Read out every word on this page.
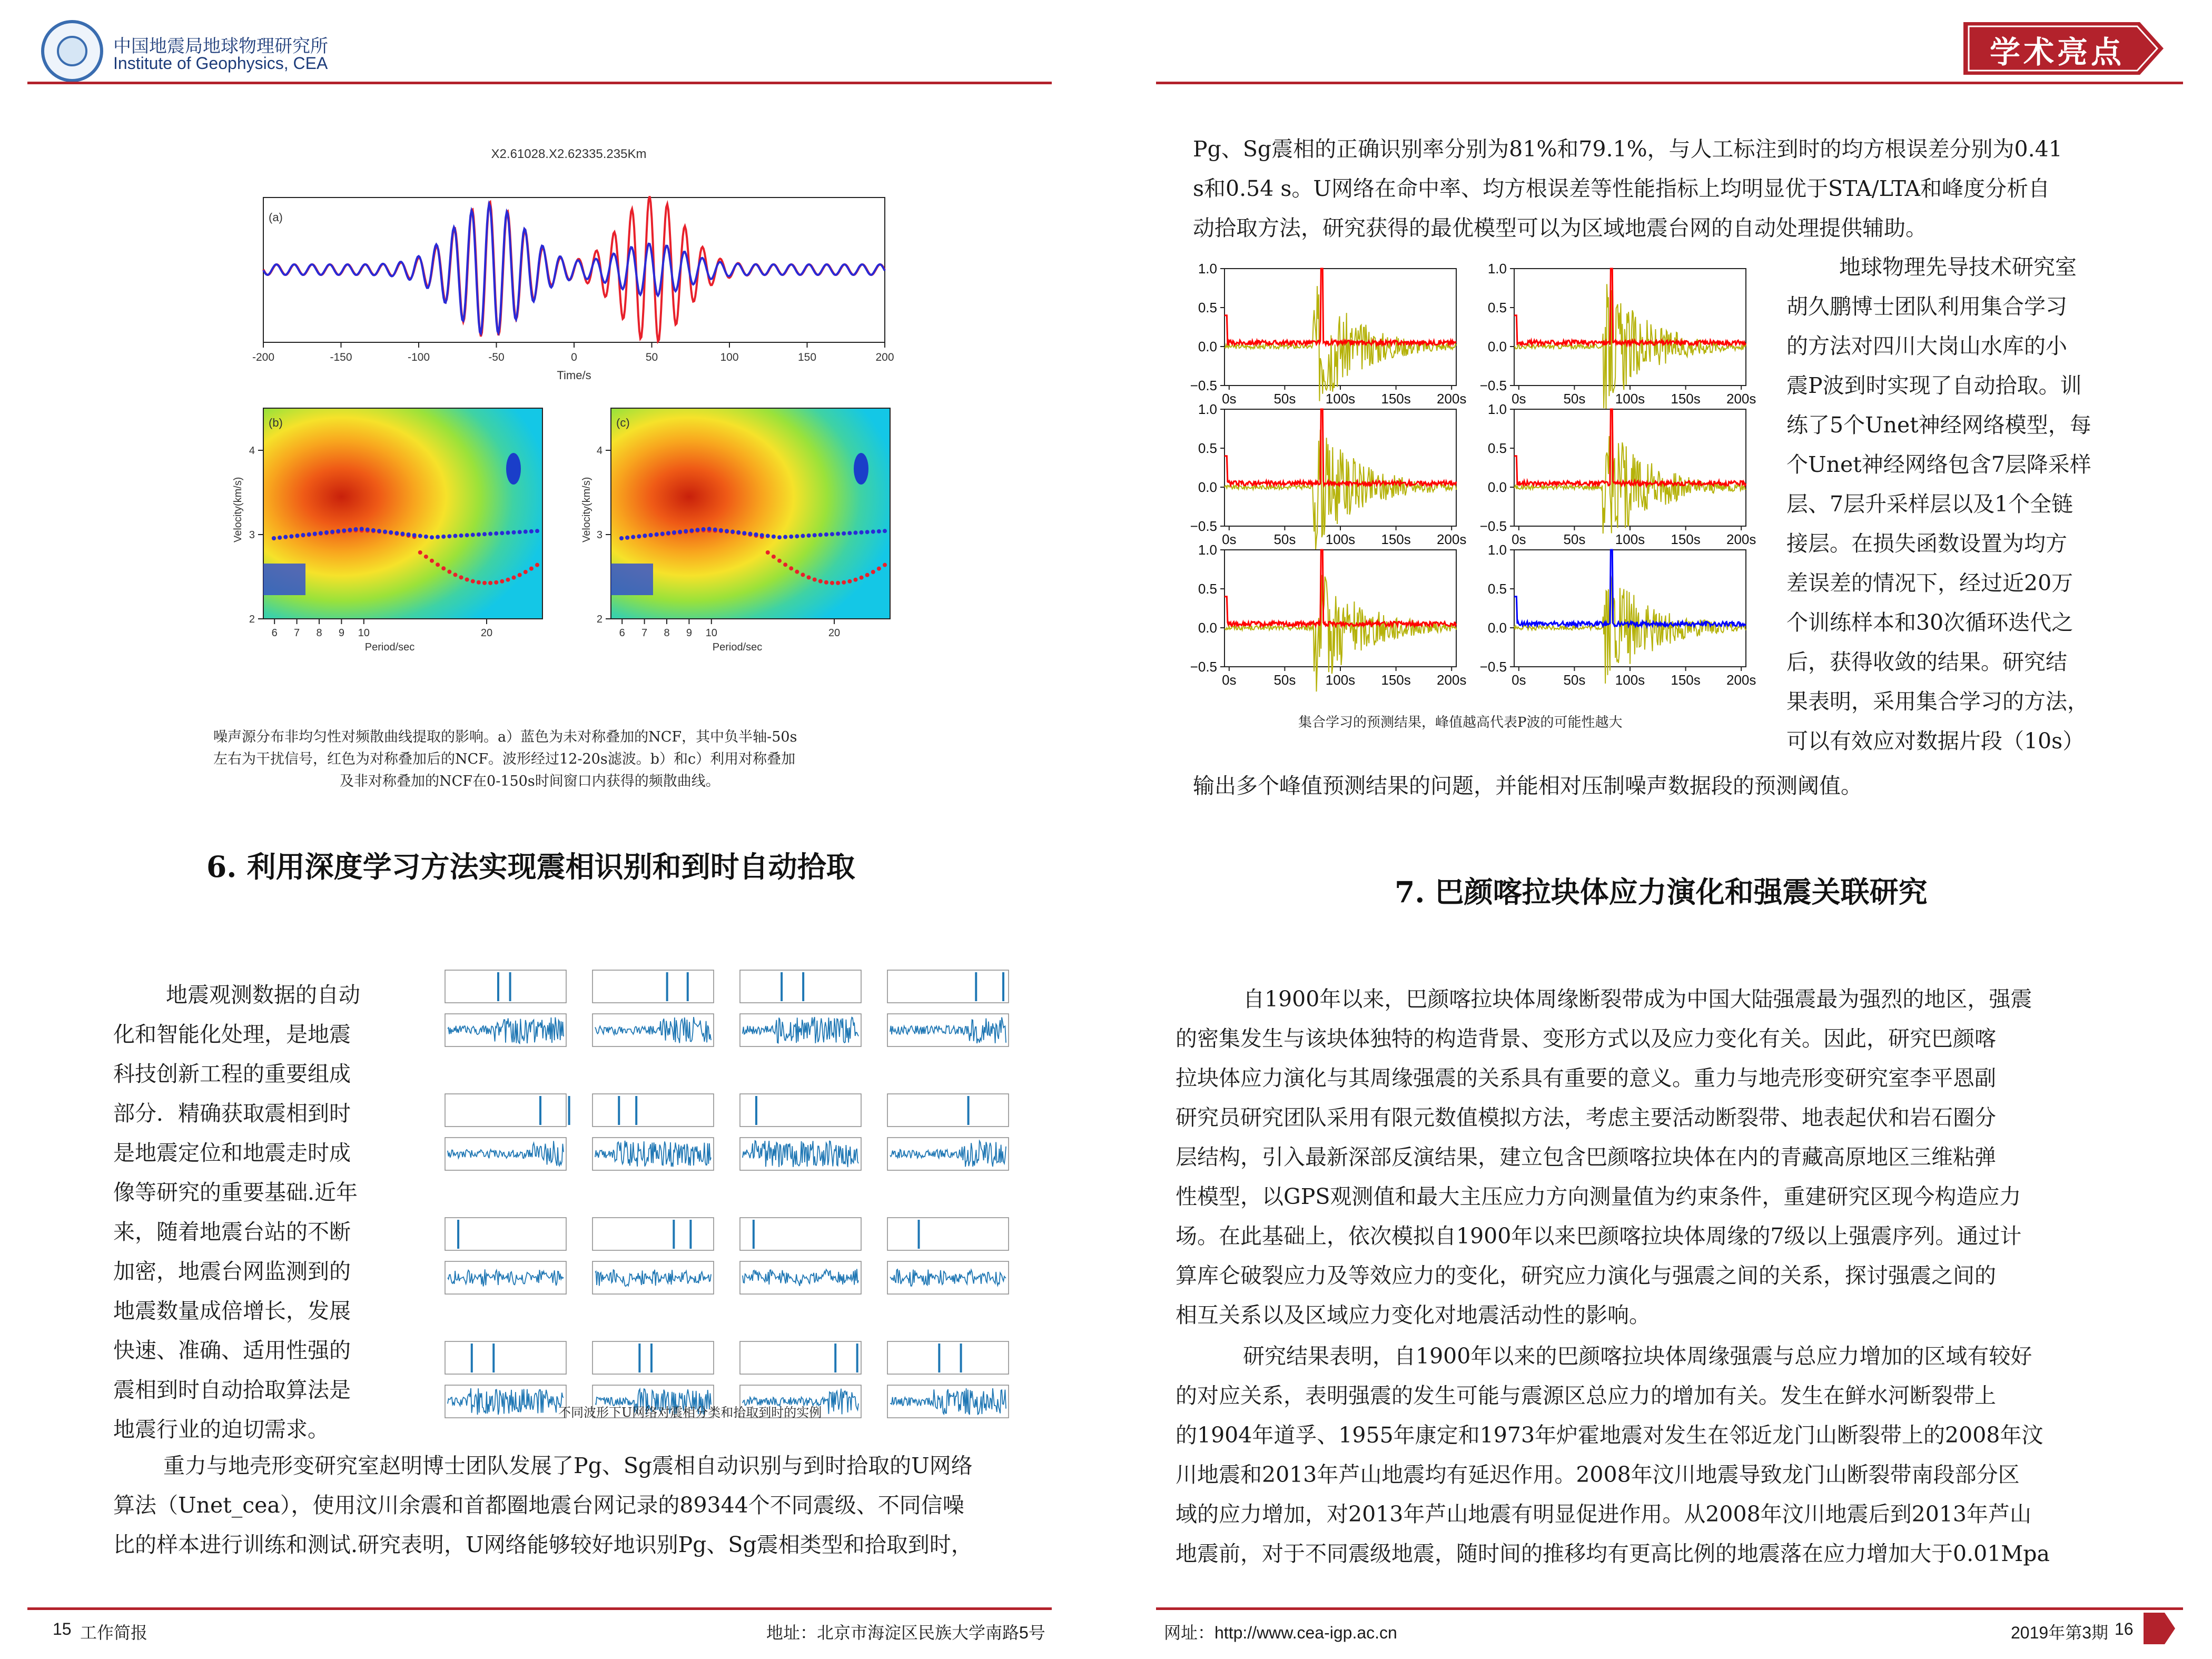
中国地震局地球物理研究所
Institute of Geophysics, CEA	学术亮点
X2.61028.X2.62335.235Km
(a)
-200	-150	-100	-50	0	50	100	150	200
Time/s
(b)	(c)
6 7 8 9 10	20
4
3
2
6 7 8 9 10	20
4
3
2
Period/sec	Period/sec
Velocity(km/s)	Velocity(km/s)
噪声源分布非均匀性对频散曲线提取的影响。a）蓝色为未对称叠加的NCF，其中负半轴-50s
左右为干扰信号，红色为对称叠加后的NCF。波形经过12-20s滤波。b）和c）利用对称叠加
及非对称叠加的NCF在0-150s时间窗口内获得的频散曲线。
6. 利用深度学习方法实现震相识别和到时自动拾取
地震观测数据的自动
化和智能化处理，是地震
科技创新工程的重要组成
部分．精确获取震相到时
是地震定位和地震走时成
像等研究的重要基础.近年
来，随着地震台站的不断
加密，地震台网监测到的
地震数量成倍增长，发展
快速、准确、适用性强的
震相到时自动拾取算法是
地震行业的迫切需求。
不同波形下U网络对震相分类和拾取到时的实例
重力与地壳形变研究室赵明博士团队发展了Pg、Sg震相自动识别与到时拾取的U网络
算法（Unet_cea），使用汶川余震和首都圈地震台网记录的89344个不同震级、不同信噪
比的样本进行训练和测试.研究表明，U网络能够较好地识别Pg、Sg震相类型和拾取到时，
Pg、Sg震相的正确识别率分别为81%和79.1%，与人工标注到时的均方根误差分别为0.41
s和0.54 s。U网络在命中率、均方根误差等性能指标上均明显优于STA/LTA和峰度分析自
动拾取方法，研究获得的最优模型可以为区域地震台网的自动处理提供辅助。
1.0
0.5
0.0
−0.5
0s	50s 100s 150s 200s
1.0
0.5
0.0
−0.5
0s	50s 100s 150s 200s
1.0
0.5
0.0
−0.5
0s	50s 100s 150s 200s
1.0
0.5
0.0
−0.5
0s	50s 100s 150s 200s
1.0
0.5
0.0
−0.5
0s	50s 100s 150s 200s
1.0
0.5
0.0
−0.5
0s	50s 100s 150s 200s
集合学习的预测结果，峰值越高代表P波的可能性越大
地球物理先导技术研究室
胡久鹏博士团队利用集合学习
的方法对四川大岗山水库的小
震P波到时实现了自动拾取。训
练了5个Unet神经网络模型，每
个Unet神经网络包含7层降采样
层、7层升采样层以及1个全链
接层。在损失函数设置为均方
差误差的情况下，经过近20万
个训练样本和30次循环迭代之
后，获得收敛的结果。研究结
果表明，采用集合学习的方法，
可以有效应对数据片段（10s）
输出多个峰值预测结果的问题，并能相对压制噪声数据段的预测阈值。
7. 巴颜喀拉块体应力演化和强震关联研究
自1900年以来，巴颜喀拉块体周缘断裂带成为中国大陆强震最为强烈的地区，强震
的密集发生与该块体独特的构造背景、变形方式以及应力变化有关。因此，研究巴颜喀
拉块体应力演化与其周缘强震的关系具有重要的意义。重力与地壳形变研究室李平恩副
研究员研究团队采用有限元数值模拟方法，考虑主要活动断裂带、地表起伏和岩石圈分
层结构，引入最新深部反演结果，建立包含巴颜喀拉块体在内的青藏高原地区三维粘弹
性模型，以GPS观测值和最大主压应力方向测量值为约束条件，重建研究区现今构造应力
场。在此基础上，依次模拟自1900年以来巴颜喀拉块体周缘的7级以上强震序列。通过计
算库仑破裂应力及等效应力的变化，研究应力演化与强震之间的关系，探讨强震之间的
相互关系以及区域应力变化对地震活动性的影响。
研究结果表明，自1900年以来的巴颜喀拉块体周缘强震与总应力增加的区域有较好
的对应关系，表明强震的发生可能与震源区总应力的增加有关。发生在鲜水河断裂带上
的1904年道孚、1955年康定和1973年炉霍地震对发生在邻近龙门山断裂带上的2008年汶
川地震和2013年芦山地震均有延迟作用。2008年汶川地震导致龙门山断裂带南段部分区
域的应力增加，对2013年芦山地震有明显促进作用。从2008年汶川地震后到2013年芦山
地震前，对于不同震级地震，随时间的推移均有更高比例的地震落在应力增加大于0.01Mpa
15 工作简报	地址：北京市海淀区民族大学南路5号	网址：http://www.cea-igp.ac.cn	2019年第3期 16
